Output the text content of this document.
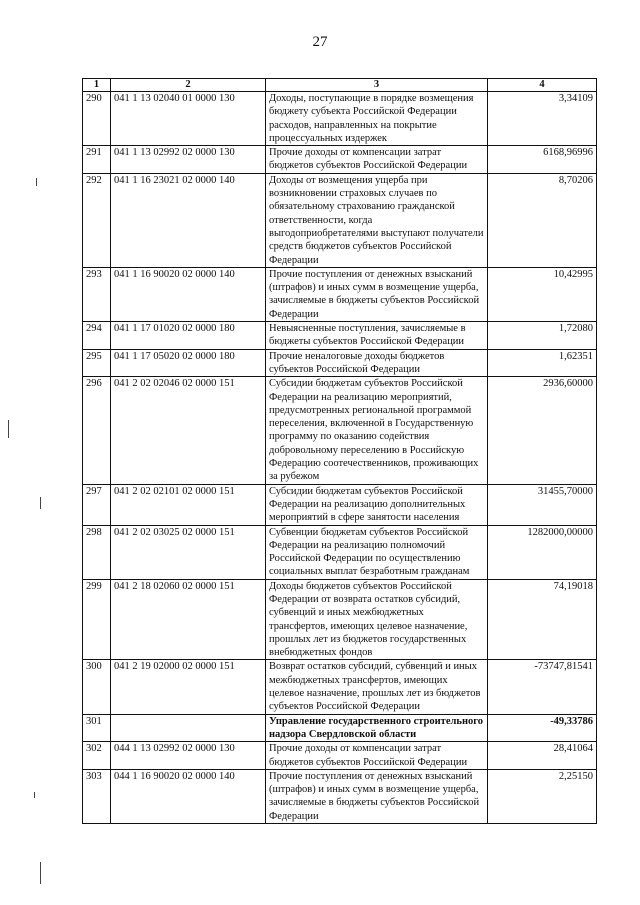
27
1	2	3	4
290	041 1 13 02040 01 0000 130	Доходы, поступающие в порядке возмещения бюджету субъекта Российской Федерации расходов, направленных на покрытие процессуальных издержек	3,34109
291	041 1 13 02992 02 0000 130	Прочие доходы от компенсации затрат бюджетов субъектов Российской Федерации	6168,96996
292	041 1 16 23021 02 0000 140	Доходы от возмещения ущерба при возникновении страховых случаев по обязательному страхованию гражданской ответственности, когда выгодоприобретателями выступают получатели средств бюджетов субъектов Российской Федерации	8,70206
293	041 1 16 90020 02 0000 140	Прочие поступления от денежных взысканий (штрафов) и иных сумм в возмещение ущерба, зачисляемые в бюджеты субъектов Российской Федерации	10,42995
294	041 1 17 01020 02 0000 180	Невыясненные поступления, зачисляемые в бюджеты субъектов Российской Федерации	1,72080
295	041 1 17 05020 02 0000 180	Прочие неналоговые доходы бюджетов субъектов Российской Федерации	1,62351
296	041 2 02 02046 02 0000 151	Субсидии бюджетам субъектов Российской Федерации на реализацию мероприятий, предусмотренных региональной программой переселения, включенной в Государственную программу по оказанию содействия добровольному переселению в Российскую Федерацию соотечественников, проживающих за рубежом	2936,60000
297	041 2 02 02101 02 0000 151	Субсидии бюджетам субъектов Российской Федерации на реализацию дополнительных мероприятий в сфере занятости населения	31455,70000
298	041 2 02 03025 02 0000 151	Субвенции бюджетам субъектов Российской Федерации на реализацию полномочий Российской Федерации по осуществлению социальных выплат безработным гражданам	1282000,00000
299	041 2 18 02060 02 0000 151	Доходы бюджетов субъектов Российской Федерации от возврата остатков субсидий, субвенций и иных межбюджетных трансфертов, имеющих целевое назначение, прошлых лет из бюджетов государственных внебюджетных фондов	74,19018
300	041 2 19 02000 02 0000 151	Возврат остатков субсидий, субвенций и иных межбюджетных трансфертов, имеющих целевое назначение, прошлых лет из бюджетов субъектов Российской Федерации	-73747,81541
301		Управление государственного строительного надзора Свердловской области	-49,33786
302	044 1 13 02992 02 0000 130	Прочие доходы от компенсации затрат бюджетов субъектов Российской Федерации	28,41064
303	044 1 16 90020 02 0000 140	Прочие поступления от денежных взысканий (штрафов) и иных сумм в возмещение ущерба, зачисляемые в бюджеты субъектов Российской Федерации	2,25150
